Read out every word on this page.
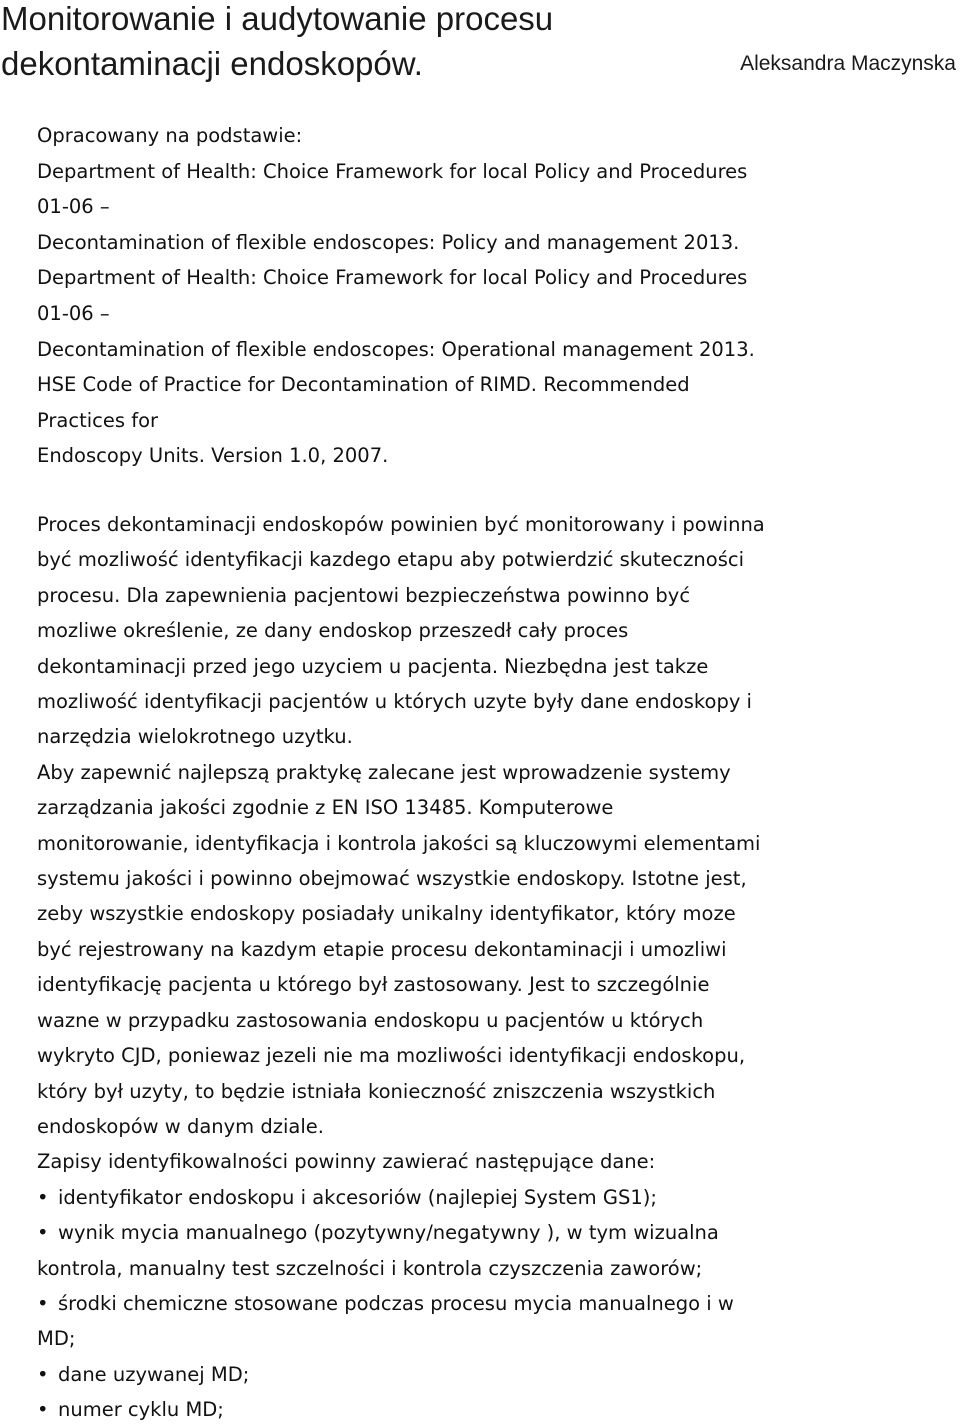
Monitorowanie i audytowanie procesu
dekontaminacji endoskopów.	Aleksandra Maczynska
Opracowany na podstawie:
Department of Health: Choice Framework for local Policy and Procedures
01-06 –
Decontamination of flexible endoscopes: Policy and management 2013.
Department of Health: Choice Framework for local Policy and Procedures
01-06 –
Decontamination of flexible endoscopes: Operational management 2013.
HSE Code of Practice for Decontamination of RIMD. Recommended
Practices for
Endoscopy Units. Version 1.0, 2007.
Proces dekontaminacji endoskopów powinien być monitorowany i powinna
być mozliwość identyfikacji kazdego etapu aby potwierdzić skuteczności
procesu. Dla zapewnienia pacjentowi bezpieczeństwa powinno być
mozliwe określenie, ze dany endoskop przeszedł cały proces
dekontaminacji przed jego uzyciem u pacjenta. Niezbędna jest takze
mozliwość identyfikacji pacjentów u których uzyte były dane endoskopy i
narzędzia wielokrotnego uzytku.
Aby zapewnić najlepszą praktykę zalecane jest wprowadzenie systemy
zarządzania jakości zgodnie z EN ISO 13485. Komputerowe
monitorowanie, identyfikacja i kontrola jakości są kluczowymi elementami
systemu jakości i powinno obejmować wszystkie endoskopy. Istotne jest,
zeby wszystkie endoskopy posiadały unikalny identyfikator, który moze
być rejestrowany na kazdym etapie procesu dekontaminacji i umozliwi
identyfikację pacjenta u którego był zastosowany. Jest to szczególnie
wazne w przypadku zastosowania endoskopu u pacjentów u których
wykryto CJD, poniewaz jezeli nie ma mozliwości identyfikacji endoskopu,
który był uzyty, to będzie istniała konieczność zniszczenia wszystkich
endoskopów w danym dziale.
Zapisy identyfikowalności powinny zawierać następujące dane:
• identyfikator endoskopu i akcesoriów (najlepiej System GS1);
• wynik mycia manualnego (pozytywny/negatywny ), w tym wizualna
kontrola, manualny test szczelności i kontrola czyszczenia zaworów;
• środki chemiczne stosowane podczas procesu mycia manualnego i w
MD;
• dane uzywanej MD;
• numer cyklu MD;
